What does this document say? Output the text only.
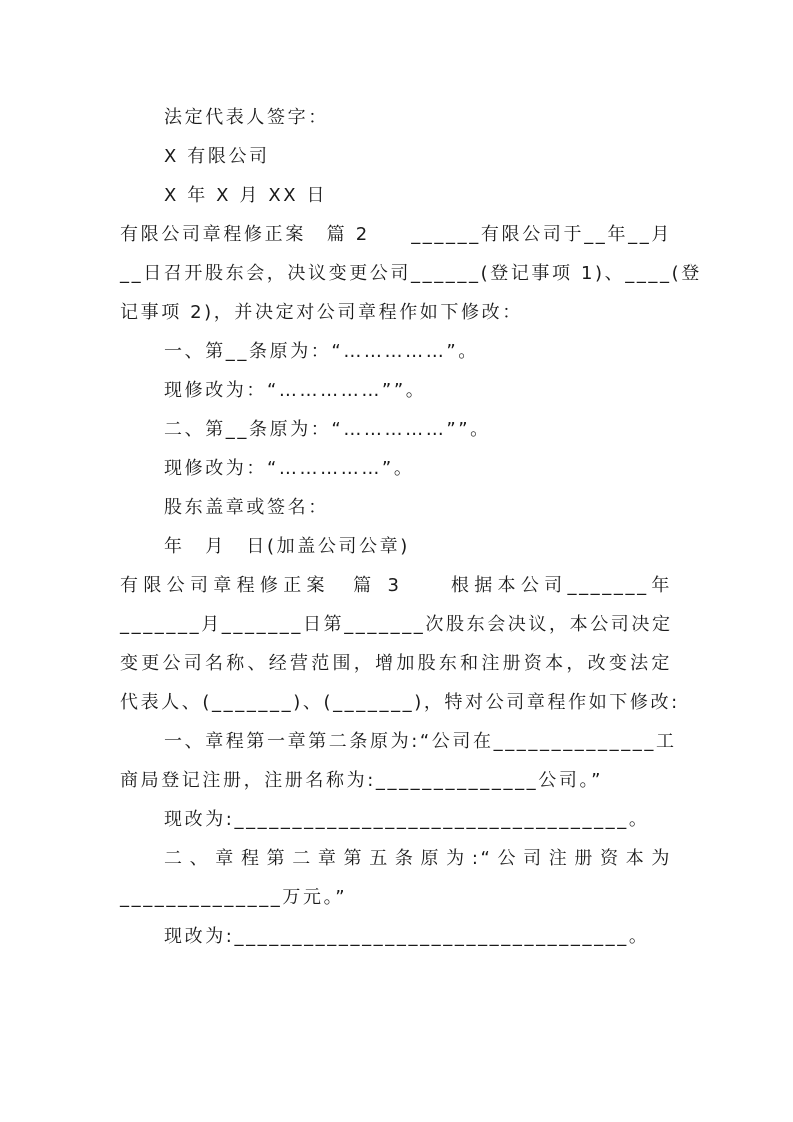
法定代表人签字：

X 有限公司

X 年 X 月 XX 日

有限公司章程修正案　篇 2　　______有限公司于__年__月

__日召开股东会，决议变更公司______(登记事项 1)、____(登

记事项 2)，并决定对公司章程作如下修改：

一、第__条原为：“……………”。

现修改为：“……………””。

二、第__条原为：“……………””。

现修改为：“……………”。

股东盖章或签名：

年　月　日(加盖公司公章)

有限公司章程修正案　篇 3　　根据本公司_______年

_______月_______日第_______次股东会决议，本公司决定

变更公司名称、经营范围，增加股东和注册资本，改变法定

代表人、(_______)、(_______)，特对公司章程作如下修改:

一、章程第一章第二条原为:“公司在______________工

商局登记注册，注册名称为:______________公司。”

现改为:__________________________________。

二、章程第二章第五条原为:“公司注册资本为

______________万元。”

现改为:__________________________________。
